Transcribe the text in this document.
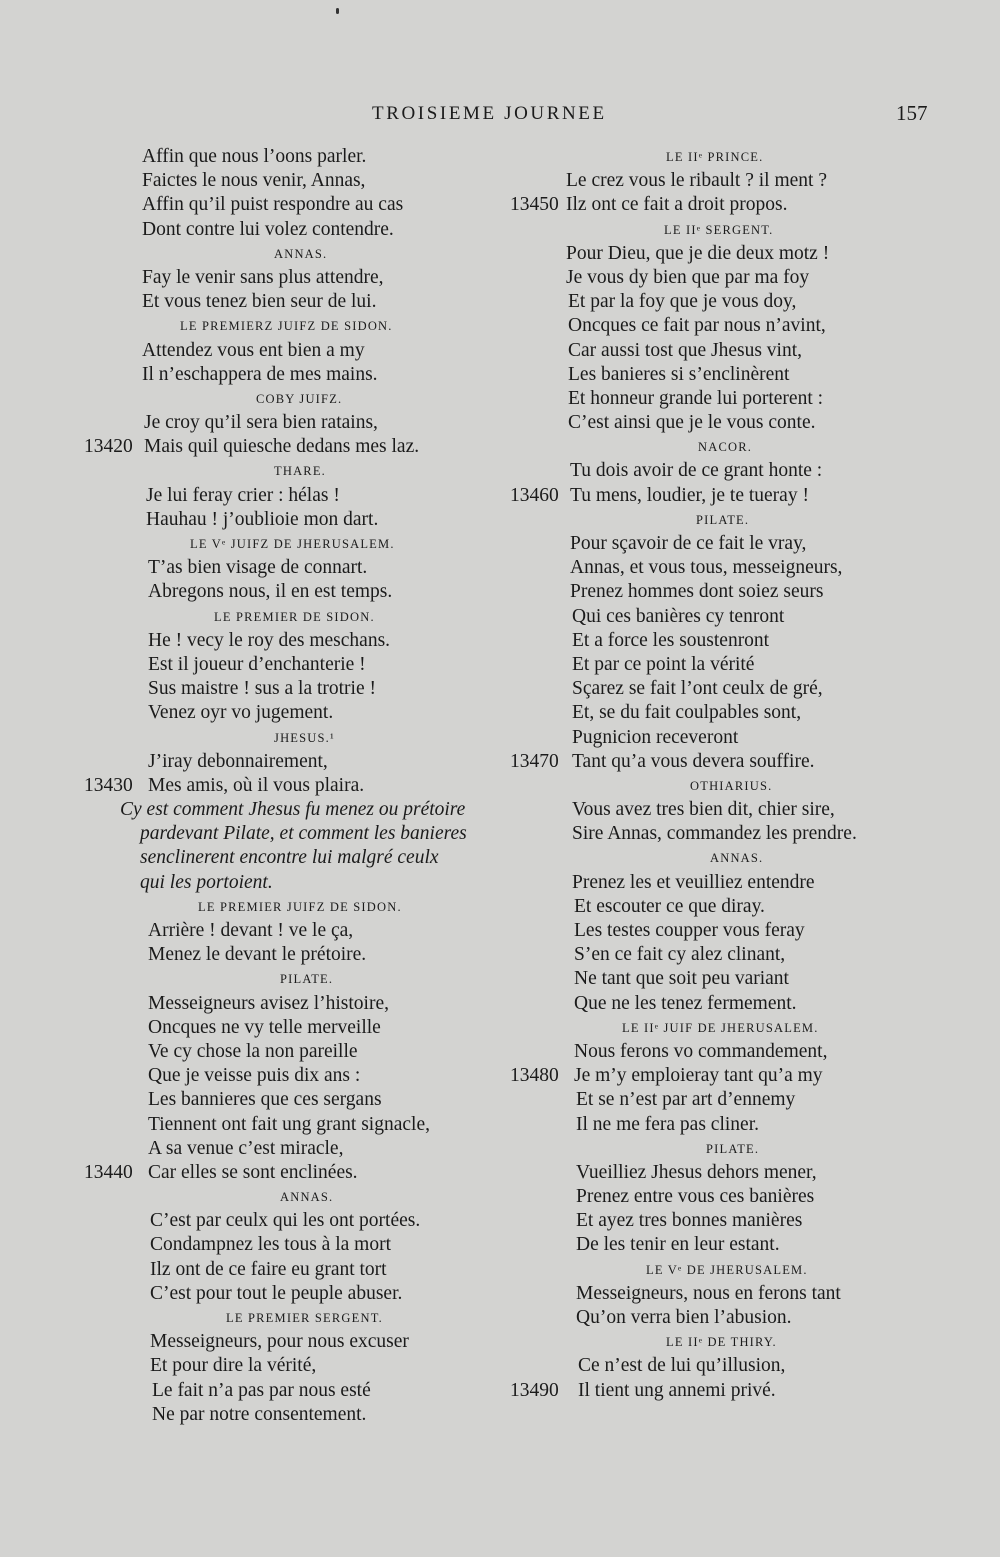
TROISIEME JOURNEE	157
Affin que nous l’oons parler.
Faictes le nous venir, Annas,
Affin qu’il puist respondre au cas
Dont contre lui volez contendre.
ANNAS.
Fay le venir sans plus attendre,
Et vous tenez bien seur de lui.
LE PREMIERZ JUIFZ DE SIDON.
Attendez vous ent bien a my
Il n’eschappera de mes mains.
COBY JUIFZ.
Je croy qu’il sera bien ratains,
13420 Mais quil quiesche dedans mes laz.
THARE.
Je lui feray crier : hélas !
Hauhau ! j’oublioie mon dart.
LE Vᵉ JUIFZ DE JHERUSALEM.
T’as bien visage de connart.
Abregons nous, il en est temps.
LE PREMIER DE SIDON.
He ! vecy le roy des meschans.
Est il joueur d’enchanterie !
Sus maistre ! sus a la trotrie !
Venez oyr vo jugement.
JHESUS.¹
J’iray debonnairement,
13430 Mes amis, où il vous plaira.
Cy est comment Jhesus fu menez ou prétoire
pardevant Pilate, et comment les banieres
senclinerent encontre lui malgré ceulx
qui les portoient.
LE PREMIER JUIFZ DE SIDON.
Arrière ! devant ! ve le ça,
Menez le devant le prétoire.
PILATE.
Messeigneurs avisez l’histoire,
Oncques ne vy telle merveille
Ve cy chose la non pareille
Que je veisse puis dix ans :
Les bannieres que ces sergans
Tiennent ont fait ung grant signacle,
A sa venue c’est miracle,
13440 Car elles se sont enclinées.
ANNAS.
C’est par ceulx qui les ont portées.
Condampnez les tous à la mort
Ilz ont de ce faire eu grant tort
C’est pour tout le peuple abuser.
LE PREMIER SERGENT.
Messeigneurs, pour nous excuser
Et pour dire la vérité,
Le fait n’a pas par nous esté
Ne par notre consentement.
LE IIᵉ PRINCE.
Le crez vous le ribault ? il ment ?
13450 Ilz ont ce fait a droit propos.
LE IIᵉ SERGENT.
Pour Dieu, que je die deux motz !
Je vous dy bien que par ma foy
Et par la foy que je vous doy,
Oncques ce fait par nous n’avint,
Car aussi tost que Jhesus vint,
Les banieres si s’enclinèrent
Et honneur grande lui porterent :
C’est ainsi que je le vous conte.
NACOR.
Tu dois avoir de ce grant honte :
13460 Tu mens, loudier, je te tueray !
PILATE.
Pour sçavoir de ce fait le vray,
Annas, et vous tous, messeigneurs,
Prenez hommes dont soiez seurs
Qui ces banières cy tenront
Et a force les soustenront
Et par ce point la vérité
Sçarez se fait l’ont ceulx de gré,
Et, se du fait coulpables sont,
Pugnicion receveront
13470 Tant qu’a vous devera souffire.
OTHIARIUS.
Vous avez tres bien dit, chier sire,
Sire Annas, commandez les prendre.
ANNAS.
Prenez les et veuilliez entendre
Et escouter ce que diray.
Les testes coupper vous feray
S’en ce fait cy alez clinant,
Ne tant que soit peu variant
Que ne les tenez fermement.
LE IIᵉ JUIF DE JHERUSALEM.
Nous ferons vo commandement,
13480 Je m’y emploieray tant qu’a my
Et se n’est par art d’ennemy
Il ne me fera pas cliner.
PILATE.
Vueilliez Jhesus dehors mener,
Prenez entre vous ces banières
Et ayez tres bonnes manières
De les tenir en leur estant.
LE Vᵉ DE JHERUSALEM.
Messeigneurs, nous en ferons tant
Qu’on verra bien l’abusion.
LE IIᵉ DE THIRY.
Ce n’est de lui qu’illusion,
13490 Il tient ung annemi privé.
